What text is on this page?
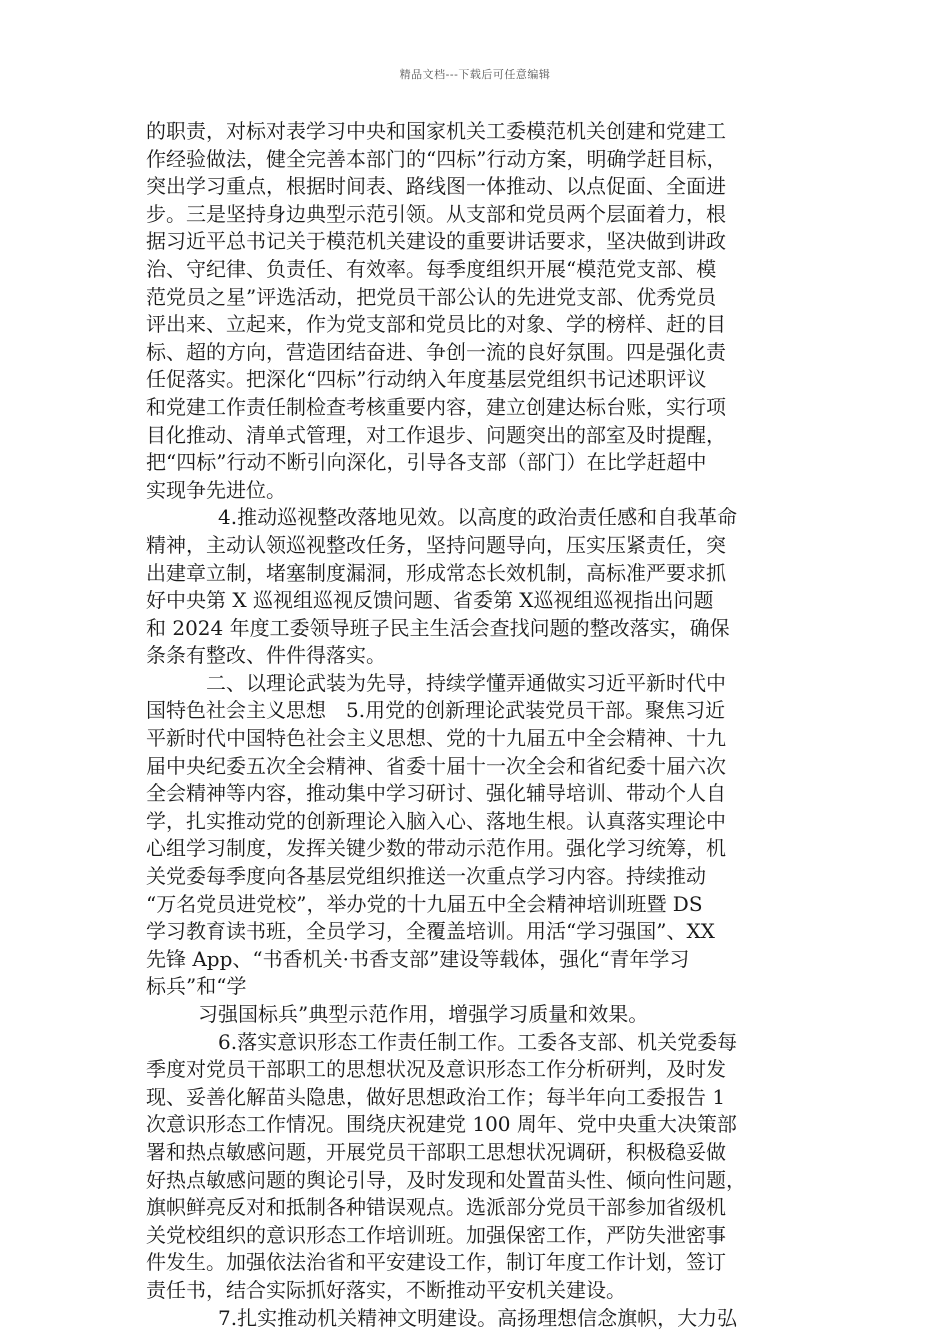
精品文档---下载后可任意编辑
的职责，对标对表学习中央和国家机关工委模范机关创建和党建工
作经验做法，健全完善本部门的“四标”行动方案，明确学赶目标，
突出学习重点，根据时间表、路线图一体推动、以点促面、全面进
步。三是坚持身边典型示范引领。从支部和党员两个层面着力，根
据习近平总书记关于模范机关建设的重要讲话要求，坚决做到讲政
治、守纪律、负责任、有效率。每季度组织开展“模范党支部、模
范党员之星”评选活动，把党员干部公认的先进党支部、优秀党员
评出来、立起来，作为党支部和党员比的对象、学的榜样、赶的目
标、超的方向，营造团结奋进、争创一流的良好氛围。四是强化责
任促落实。把深化“四标”行动纳入年度基层党组织书记述职评议
和党建工作责任制检查考核重要内容，建立创建达标台账，实行项
目化推动、清单式管理，对工作退步、问题突出的部室及时提醒，
把“四标”行动不断引向深化，引导各支部（部门）在比学赶超中
实现争先进位。
4.推动巡视整改落地见效。以高度的政治责任感和自我革命
精神，主动认领巡视整改任务，坚持问题导向，压实压紧责任，突
出建章立制，堵塞制度漏洞，形成常态长效机制，高标准严要求抓
好中央第 X 巡视组巡视反馈问题、省委第 X巡视组巡视指出问题
和 2024 年度工委领导班子民主生活会查找问题的整改落实，确保
条条有整改、件件得落实。
二、以理论武装为先导，持续学懂弄通做实习近平新时代中
国特色社会主义思想　5.用党的创新理论武装党员干部。聚焦习近
平新时代中国特色社会主义思想、党的十九届五中全会精神、十九
届中央纪委五次全会精神、省委十届十一次全会和省纪委十届六次
全会精神等内容，推动集中学习研讨、强化辅导培训、带动个人自
学，扎实推动党的创新理论入脑入心、落地生根。认真落实理论中
心组学习制度，发挥关键少数的带动示范作用。强化学习统筹，机
关党委每季度向各基层党组织推送一次重点学习内容。持续推动
“万名党员进党校”，举办党的十九届五中全会精神培训班暨 DS
学习教育读书班，全员学习，全覆盖培训。用活“学习强国”、XX
先锋 App、“书香机关·书香支部”建设等载体，强化“青年学习
标兵”和“学
习强国标兵”典型示范作用，增强学习质量和效果。
6.落实意识形态工作责任制工作。工委各支部、机关党委每
季度对党员干部职工的思想状况及意识形态工作分析研判，及时发
现、妥善化解苗头隐患，做好思想政治工作；每半年向工委报告 1
次意识形态工作情况。围绕庆祝建党 100 周年、党中央重大决策部
署和热点敏感问题，开展党员干部职工思想状况调研，积极稳妥做
好热点敏感问题的舆论引导，及时发现和处置苗头性、倾向性问题，
旗帜鲜亮反对和抵制各种错误观点。选派部分党员干部参加省级机
关党校组织的意识形态工作培训班。加强保密工作，严防失泄密事
件发生。加强依法治省和平安建设工作，制订年度工作计划，签订
责任书，结合实际抓好落实，不断推动平安机关建设。
7.扎实推动机关精神文明建设。高扬理想信念旗帜，大力弘
